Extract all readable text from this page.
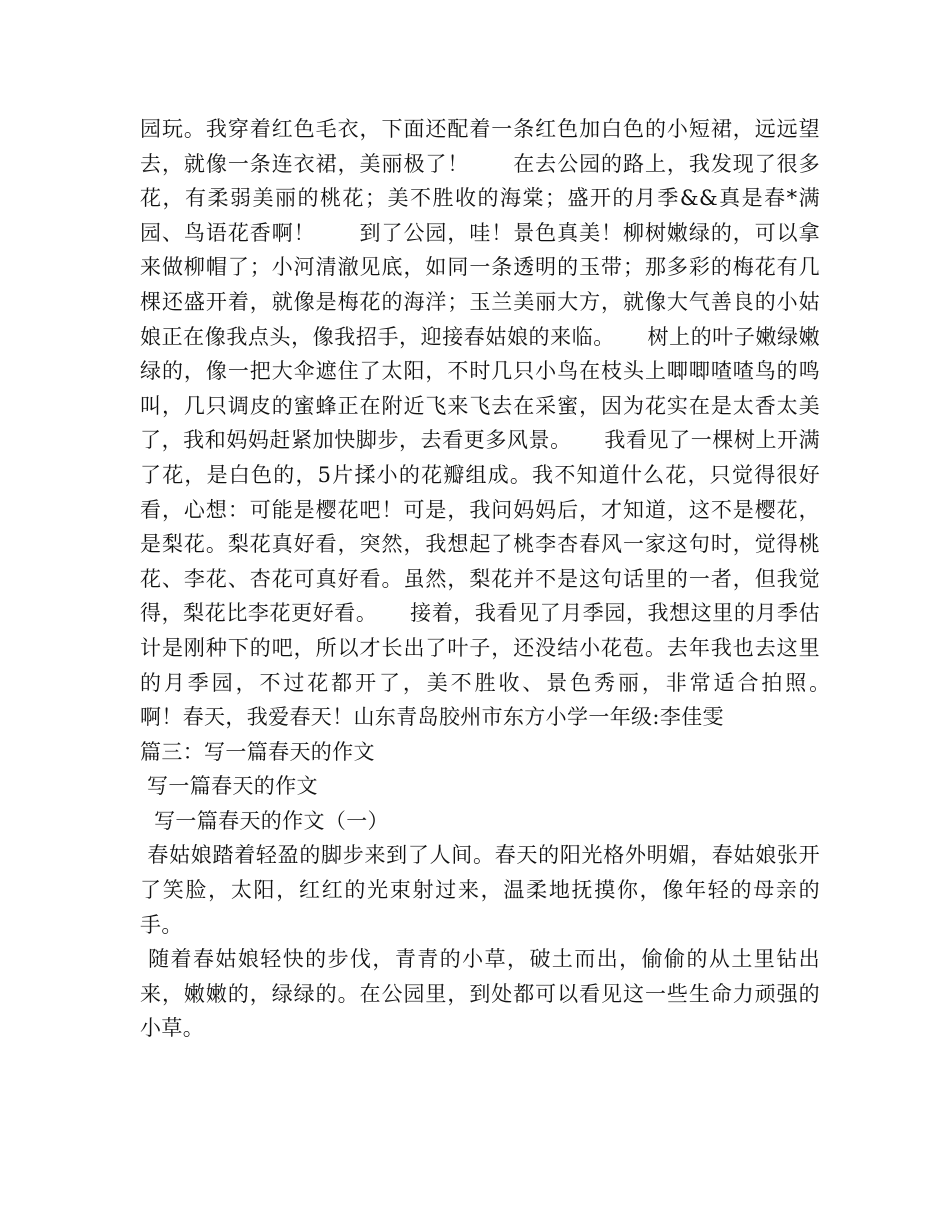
园玩。我穿着红色毛衣，下面还配着一条红色加白色的小短裙，远远望去，就像一条连衣裙，美丽极了！　　在去公园的路上，我发现了很多花，有柔弱美丽的桃花；美不胜收的海棠；盛开的月季&&真是春*满园、鸟语花香啊！　　到了公园，哇！景色真美！柳树嫩绿的，可以拿来做柳帽了；小河清澈见底，如同一条透明的玉带；那多彩的梅花有几棵还盛开着，就像是梅花的海洋；玉兰美丽大方，就像大气善良的小姑娘正在像我点头，像我招手，迎接春姑娘的来临。　　树上的叶子嫩绿嫩绿的，像一把大伞遮住了太阳，不时几只小鸟在枝头上唧唧喳喳鸟的鸣叫，几只调皮的蜜蜂正在附近飞来飞去在采蜜，因为花实在是太香太美了，我和妈妈赶紧加快脚步，去看更多风景。　　我看见了一棵树上开满了花，是白色的，5片揉小的花瓣组成。我不知道什么花，只觉得很好看，心想：可能是樱花吧！可是，我问妈妈后，才知道，这不是樱花，是梨花。梨花真好看，突然，我想起了桃李杏春风一家这句时，觉得桃花、李花、杏花可真好看。虽然，梨花并不是这句话里的一者，但我觉得，梨花比李花更好看。　　接着，我看见了月季园，我想这里的月季估计是刚种下的吧，所以才长出了叶子，还没结小花苞。去年我也去这里的月季园，不过花都开了，美不胜收、景色秀丽，非常适合拍照。　　啊！春天，我爱春天！山东青岛胶州市东方小学一年级:李佳雯

篇三：写一篇春天的作文

写一篇春天的作文

写一篇春天的作文（一）

春姑娘踏着轻盈的脚步来到了人间。春天的阳光格外明媚，春姑娘张开了笑脸，太阳，红红的光束射过来，温柔地抚摸你，像年轻的母亲的手。

随着春姑娘轻快的步伐，青青的小草，破土而出，偷偷的从土里钻出来，嫩嫩的，绿绿的。在公园里，到处都可以看见这一些生命力顽强的小草。
